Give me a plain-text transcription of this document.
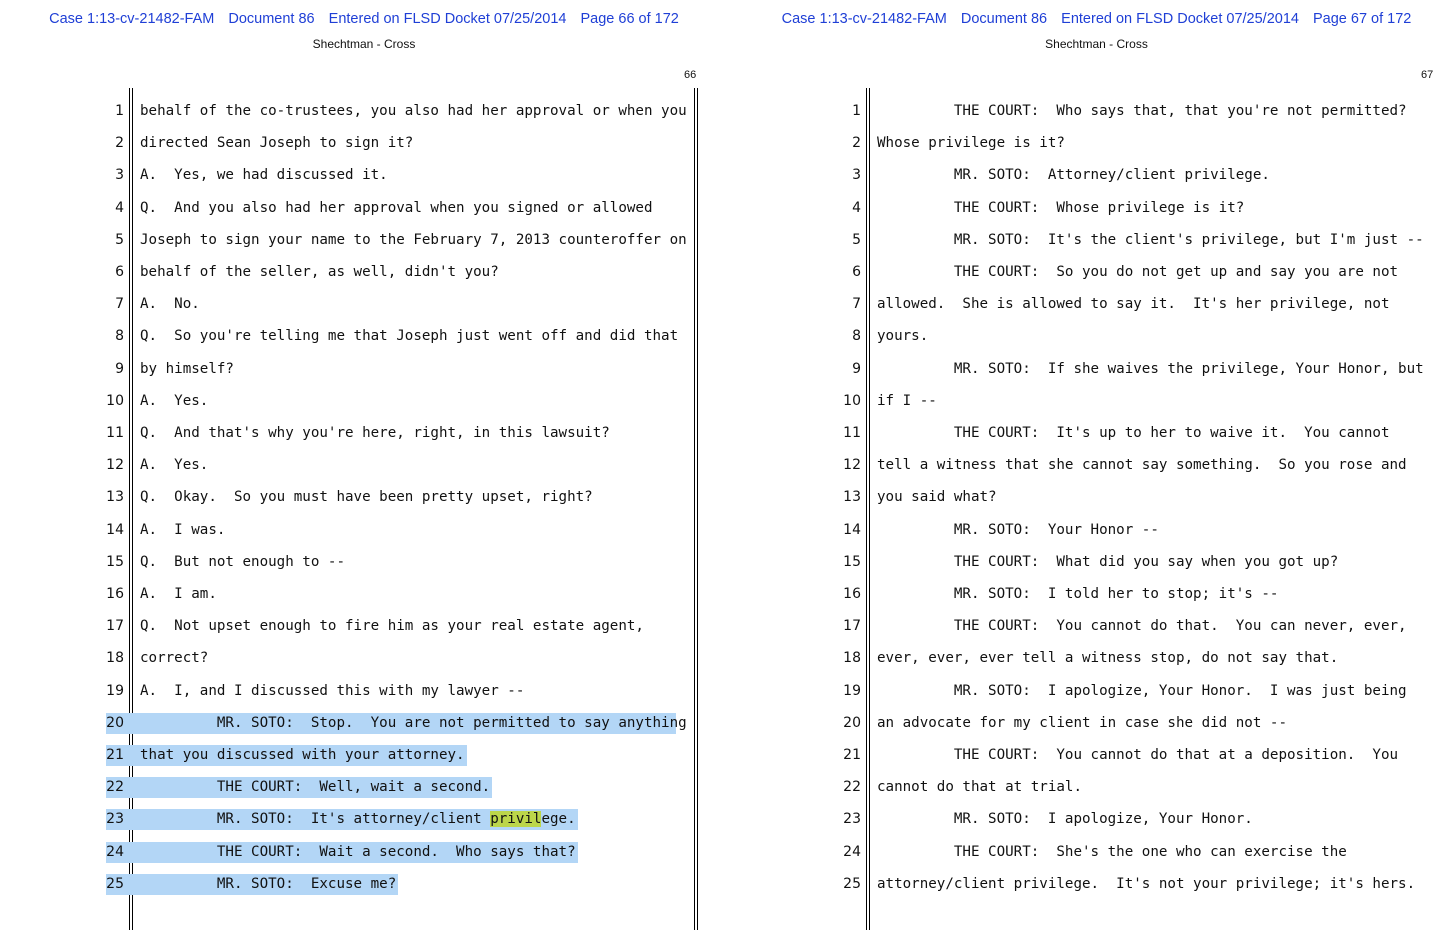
Case 1:13-cv-21482-FAM Document 86 Entered on FLSD Docket 07/25/2014 Page 66 of 172
Shechtman - Cross
66
1 behalf of the co-trustees, you also had her approval or when you
2 directed Sean Joseph to sign it?
3 A.  Yes, we had discussed it.
4 Q.  And you also had her approval when you signed or allowed
5 Joseph to sign your name to the February 7, 2013 counteroffer on
6 behalf of the seller, as well, didn't you?
7 A.  No.
8 Q.  So you're telling me that Joseph just went off and did that
9 by himself?
10 A.  Yes.
11 Q.  And that's why you're here, right, in this lawsuit?
12 A.  Yes.
13 Q.  Okay.  So you must have been pretty upset, right?
14 A.  I was.
15 Q.  But not enough to --
16 A.  I am.
17 Q.  Not upset enough to fire him as your real estate agent,
18 correct?
19 A.  I, and I discussed this with my lawyer --
20 MR. SOTO:  Stop.  You are not permitted to say anything
21 that you discussed with your attorney.
22 THE COURT:  Well, wait a second.
23 MR. SOTO:  It's attorney/client privilege.
24 THE COURT:  Wait a second.  Who says that?
25 MR. SOTO:  Excuse me?
Case 1:13-cv-21482-FAM Document 86 Entered on FLSD Docket 07/25/2014 Page 67 of 172
Shechtman - Cross
67
1 THE COURT:  Who says that, that you're not permitted?
2 Whose privilege is it?
3 MR. SOTO:  Attorney/client privilege.
4 THE COURT:  Whose privilege is it?
5 MR. SOTO:  It's the client's privilege, but I'm just --
6 THE COURT:  So you do not get up and say you are not
7 allowed.  She is allowed to say it.  It's her privilege, not
8 yours.
9 MR. SOTO:  If she waives the privilege, Your Honor, but
10 if I --
11 THE COURT:  It's up to her to waive it.  You cannot
12 tell a witness that she cannot say something.  So you rose and
13 you said what?
14 MR. SOTO:  Your Honor --
15 THE COURT:  What did you say when you got up?
16 MR. SOTO:  I told her to stop; it's --
17 THE COURT:  You cannot do that.  You can never, ever,
18 ever, ever, ever tell a witness stop, do not say that.
19 MR. SOTO:  I apologize, Your Honor.  I was just being
20 an advocate for my client in case she did not --
21 THE COURT:  You cannot do that at a deposition.  You
22 cannot do that at trial.
23 MR. SOTO:  I apologize, Your Honor.
24 THE COURT:  She's the one who can exercise the
25 attorney/client privilege.  It's not your privilege; it's hers.
